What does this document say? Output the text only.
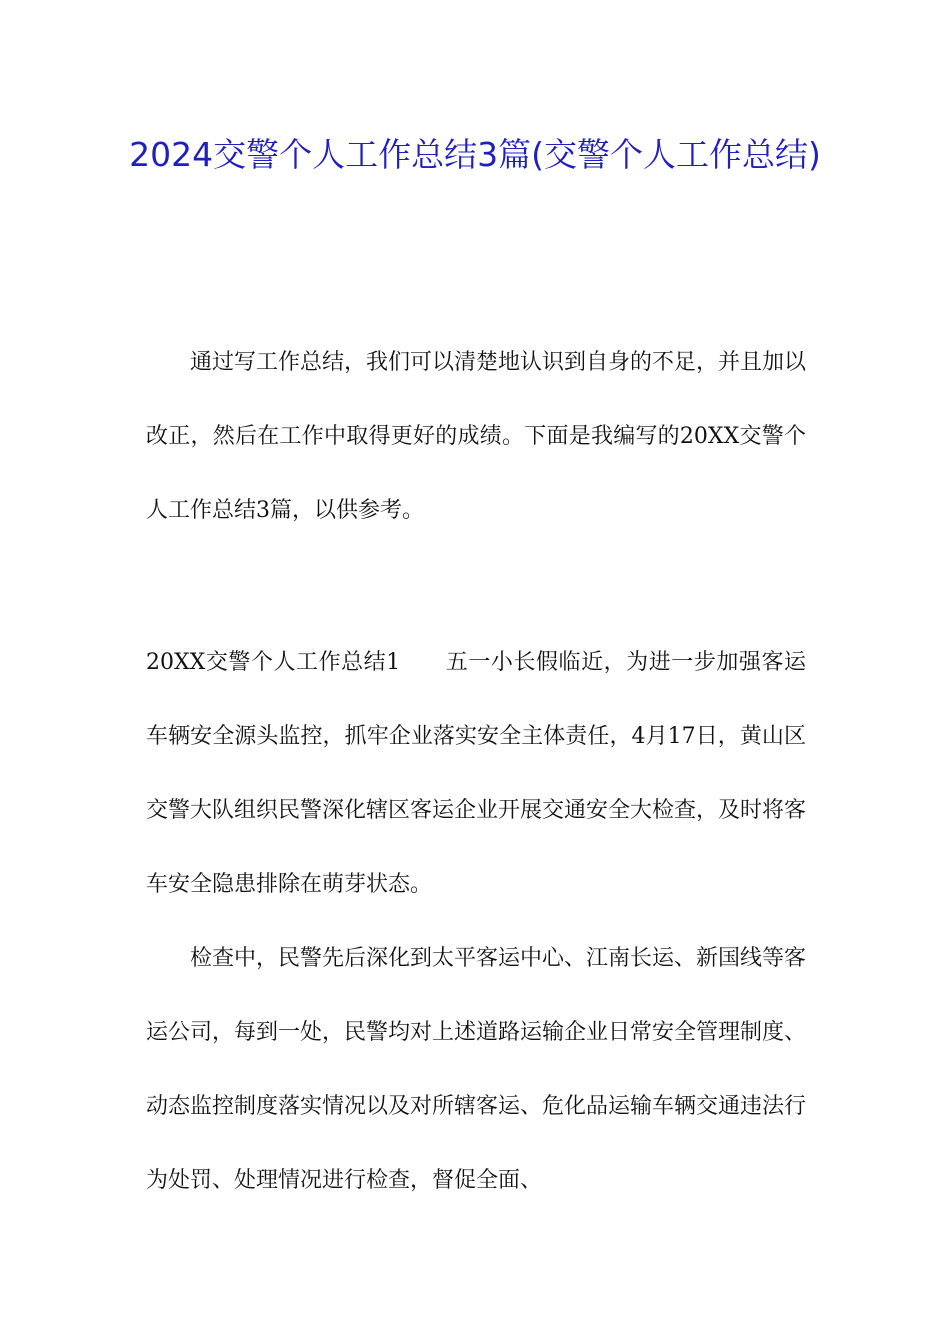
2024交警个人工作总结3篇(交警个人工作总结)

通过写工作总结，我们可以清楚地认识到自身的不足，并且加以改正，然后在工作中取得更好的成绩。下面是我编写的20XX交警个人工作总结3篇，以供参考。

20XX交警个人工作总结1　　五一小长假临近，为进一步加强客运车辆安全源头监控，抓牢企业落实安全主体责任，4月17日，黄山区交警大队组织民警深化辖区客运企业开展交通安全大检查，及时将客车安全隐患排除在萌芽状态。

检查中，民警先后深化到太平客运中心、江南长运、新国线等客运公司，每到一处，民警均对上述道路运输企业日常安全管理制度、动态监控制度落实情况以及对所辖客运、危化品运输车辆交通违法行为处罚、处理情况进行检查，督促全面、
